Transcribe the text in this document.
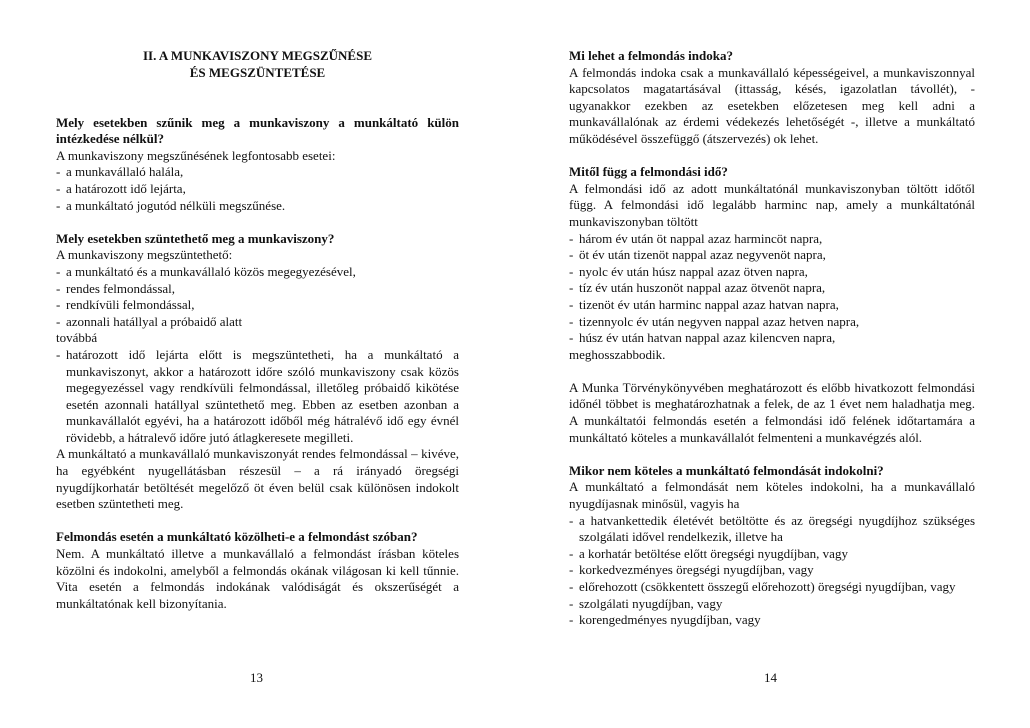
II. A MUNKAVISZONY MEGSZŰNÉSE
ÉS MEGSZÜNTETÉSE
Mely esetekben szűnik meg a munkaviszony a munkáltató külön intézkedése nélkül?

A munkaviszony megszűnésének legfontosabb esetei:

- a munkavállaló halála,
- a határozott idő lejárta,
- a munkáltató jogutód nélküli megszűnése.
Mely esetekben szüntethető meg a munkaviszony?

A munkaviszony megszüntethető:

- a munkáltató és a munkavállaló közös megegyezésével,
- rendes felmondással,
- rendkívüli felmondással,
- azonnali hatállyal a próbaidő alatt

továbbá

- határozott idő lejárta előtt is megszüntetheti, ha a munkáltató a munkaviszonyt, akkor a határozott időre szóló munkaviszony csak közös megegyezéssel vagy rendkívüli felmondással, illetőleg próbaidő kikötése esetén azonnali hatállyal szüntethető meg. Ebben az esetben azonban a munkavállalót egyévi, ha a határozott időből még hátralévő idő egy évnél rövidebb, a hátralevő időre jutó átlagkeresete megilleti.

A munkáltató a munkavállaló munkaviszonyát rendes felmondással – kivéve, ha egyébként nyugellátásban részesül – a rá irányadó öregségi nyugdíjkorhatár betöltését megelőző öt éven belül csak különösen indokolt esetben szüntetheti meg.

Felmondás esetén a munkáltató közölheti-e a felmondást szóban?

Nem. A munkáltató illetve a munkavállaló a felmondást írásban köteles közölni és indokolni, amelyből a felmondás okának világosan ki kell tűnnie. Vita esetén a felmondás indokának valódiságát és okszerűségét a munkáltatónak kell bizonyítania.

13
Mi lehet a felmondás indoka?

A felmondás indoka csak a munkavállaló képességeivel, a munkaviszonnyal kapcsolatos magatartásával (ittasság, késés, igazolatlan távollét), - ugyanakkor ezekben az esetekben előzetesen meg kell adni a munkavállalónak az érdemi védekezés lehetőségét -, illetve a munkáltató működésével összefüggő (átszervezés) ok lehet.

Mitől függ a felmondási idő?

A felmondási idő az adott munkáltatónál munkaviszonyban töltött időtől függ. A felmondási idő legalább harminc nap, amely a munkáltatónál munkaviszonyban töltött

- három év után öt nappal azaz harmincöt napra,
- öt év után tizenöt nappal azaz negyvenöt napra,
- nyolc év után húsz nappal azaz ötven napra,
- tíz év után huszonöt nappal azaz ötvenöt napra,
- tizenöt év után harminc nappal azaz hatvan napra,
- tizennyolc év után negyven nappal azaz hetven napra,
- húsz év után hatvan nappal azaz kilencven napra,

meghosszabbodik.

A Munka Törvénykönyvében meghatározott és előbb hivatkozott felmondási időnél többet is meghatározhatnak a felek, de az 1 évet nem haladhatja meg. A munkáltatói felmondás esetén a felmondási idő felének időtartamára a munkáltató köteles a munkavállalót felmenteni a munkavégzés alól.

Mikor nem köteles a munkáltató felmondását indokolni?

A munkáltató a felmondását nem köteles indokolni, ha a munkavállaló nyugdíjasnak minősül, vagyis ha

- a hatvankettedik életévét betöltötte és az öregségi nyugdíjhoz szükséges szolgálati idővel rendelkezik, illetve ha
- a korhatár betöltése előtt öregségi nyugdíjban, vagy
- korkedvezményes öregségi nyugdíjban, vagy
- előrehozott (csökkentett összegű előrehozott) öregségi nyugdíjban, vagy
- szolgálati nyugdíjban, vagy
- korengedményes nyugdíjban, vagy
14
